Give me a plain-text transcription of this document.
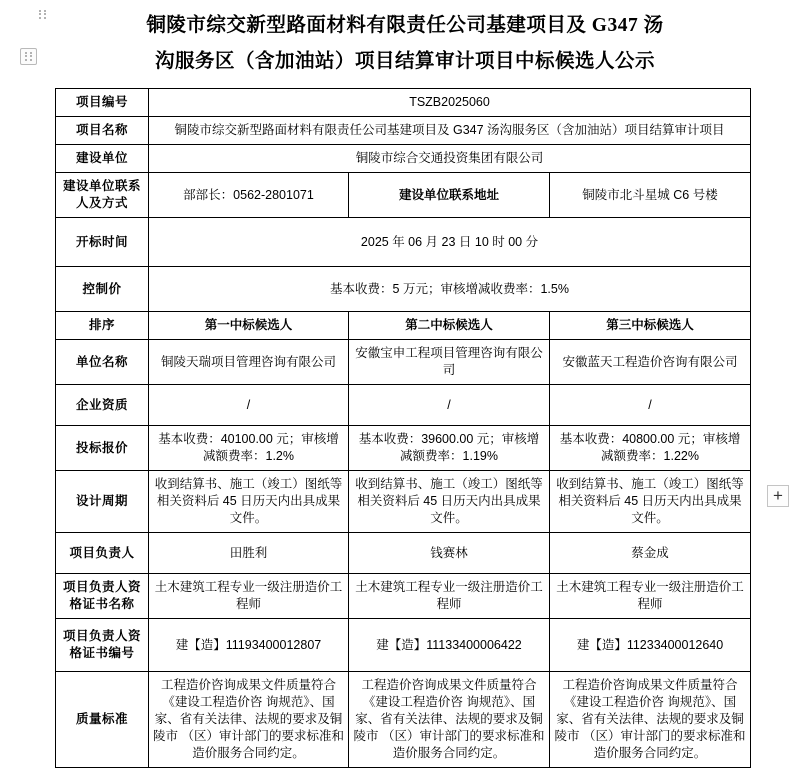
+
铜陵市综交新型路面材料有限责任公司基建项目及 G347 汤
沟服务区（含加油站）项目结算审计项目中标候选人公示
项目编号	TSZB2025060		
项目名称	铜陵市综交新型路面材料有限责任公司基建项目及 G347 汤沟服务区（含加油站）项目结算审计项目		
建设单位	铜陵市综合交通投资集团有限公司		
建设单位联系人及方式	部部长：0562-2801071	建设单位联系地址	铜陵市北斗星城 C6 号楼
开标时间	2025 年 06 月 23 日 10 时 00 分		
控制价	基本收费：5 万元；审核增减收费率：1.5%		
排序	第一中标候选人	第二中标候选人	第三中标候选人
单位名称	铜陵天瑞项目管理咨询有限公司	安徽宝申工程项目管理咨询有限公司	安徽蓝天工程造价咨询有限公司
企业资质	/	/	/
投标报价	基本收费：40100.00 元；审核增减额费率：1.2%	基本收费：39600.00 元；审核增减额费率：1.19%	基本收费：40800.00 元；审核增减额费率：1.22%
设计周期	收到结算书、施工（竣工）图纸等相关资料后 45 日历天内出具成果文件。	收到结算书、施工（竣工）图纸等相关资料后 45 日历天内出具成果文件。	收到结算书、施工（竣工）图纸等相关资料后 45 日历天内出具成果文件。
项目负责人	田胜利	钱赛林	蔡金成
项目负责人资格证书名称	土木建筑工程专业一级注册造价工程师	土木建筑工程专业一级注册造价工程师	土木建筑工程专业一级注册造价工程师
项目负责人资格证书编号	建【造】11193400012807	建【造】11133400006422	建【造】11233400012640
质量标准	工程造价咨询成果文件质量符合《建设工程造价咨 询规范》、国家、省有关法律、法规的要求及铜陵市 （区）审计部门的要求标准和造价服务合同约定。	工程造价咨询成果文件质量符合《建设工程造价咨 询规范》、国家、省有关法律、法规的要求及铜陵市 （区）审计部门的要求标准和造价服务合同约定。	工程造价咨询成果文件质量符合《建设工程造价咨 询规范》、国家、省有关法律、法规的要求及铜陵市 （区）审计部门的要求标准和造价服务合同约定。
